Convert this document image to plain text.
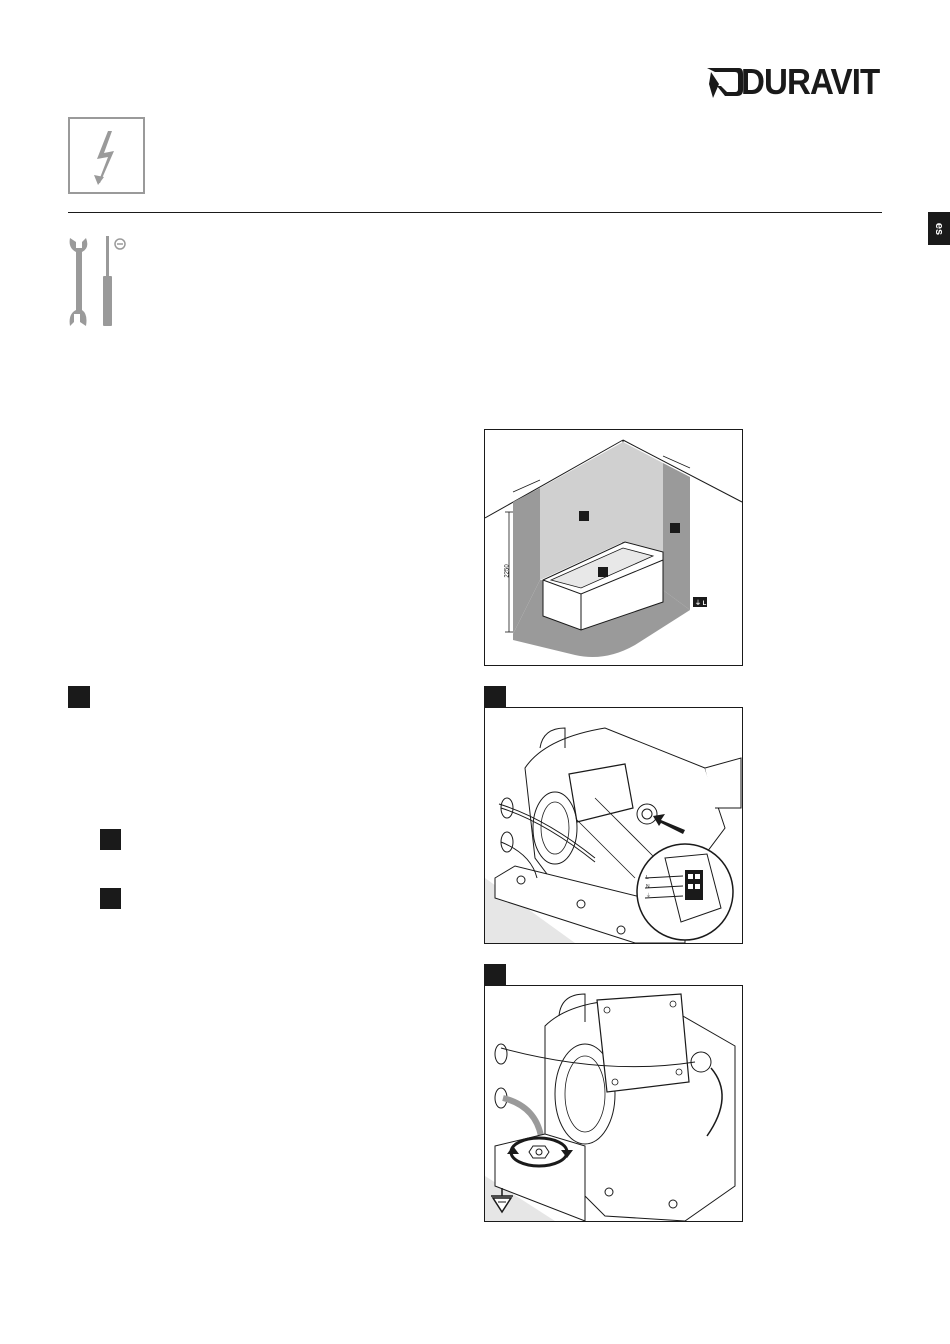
DURAVIT
es
2250
⏚ L
L
N
⏚
